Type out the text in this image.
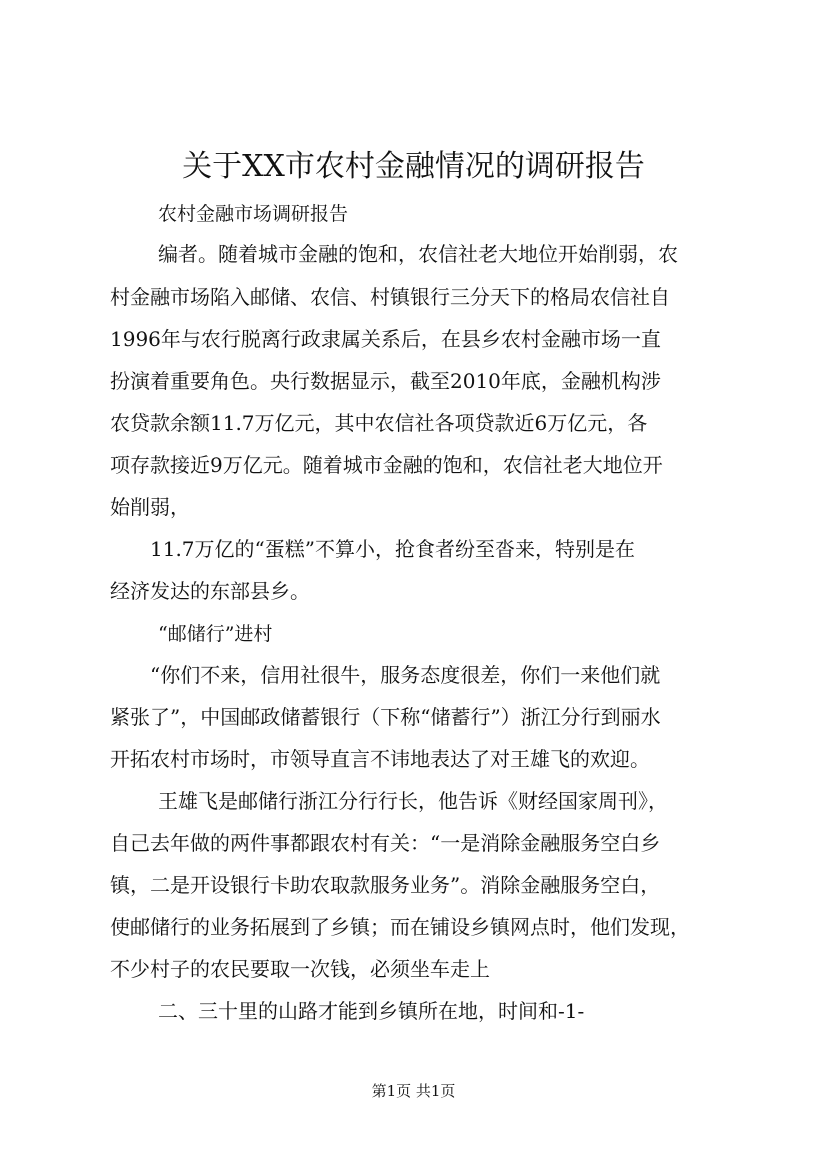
关于XX市农村金融情况的调研报告
农村金融市场调研报告
编者。随着城市金融的饱和，农信社老大地位开始削弱，农
村金融市场陷入邮储、农信、村镇银行三分天下的格局农信社自
1996年与农行脱离行政隶属关系后，在县乡农村金融市场一直
扮演着重要角色。央行数据显示，截至2010年底，金融机构涉
农贷款余额11.7万亿元，其中农信社各项贷款近6万亿元，各
项存款接近9万亿元。随着城市金融的饱和，农信社老大地位开
始削弱，
11.7万亿的“蛋糕”不算小，抢食者纷至沓来，特别是在
经济发达的东部县乡。
“邮储行”进村
“你们不来，信用社很牛，服务态度很差，你们一来他们就
紧张了”，中国邮政储蓄银行（下称“储蓄行”）浙江分行到丽水
开拓农村市场时，市领导直言不讳地表达了对王雄飞的欢迎。
王雄飞是邮储行浙江分行行长，他告诉《财经国家周刊》，
自己去年做的两件事都跟农村有关：“一是消除金融服务空白乡
镇，二是开设银行卡助农取款服务业务”。消除金融服务空白，
使邮储行的业务拓展到了乡镇；而在铺设乡镇网点时，他们发现，
不少村子的农民要取一次钱，必须坐车走上
二、三十里的山路才能到乡镇所在地，时间和-1-
第1页 共1页
